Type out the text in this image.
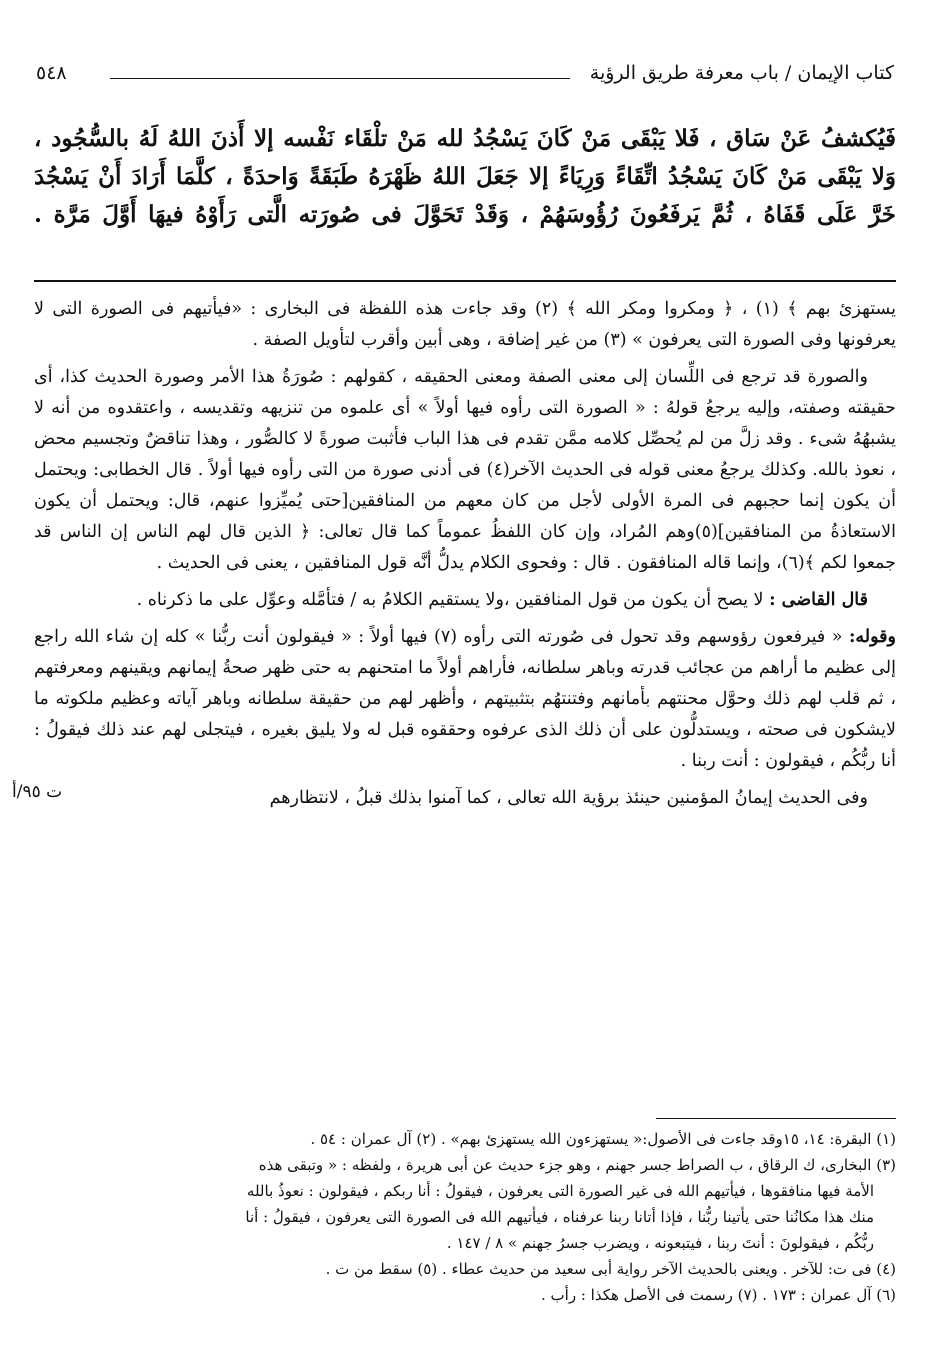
كتاب الإيمان / باب معرفة طريق الرؤية
٥٤٨

فَيُكشفُ عَنْ سَاق ، فَلا يَبْقَى مَنْ كَانَ يَسْجُدُ لله مَنْ تلْقَاء نَفْسه إلا أَذنَ اللهُ لَهُ بالسُّجُود ،

وَلا يَبْقَى مَنْ كَانَ يَسْجُدُ اتِّقَاءً وَرِيَاءً إلا جَعَلَ اللهُ ظَهْرَهُ طَبَقَةً وَاحدَةً ، كلَّمَا أَرَادَ أَنْ يَسْجُدَ

خَرَّ عَلَى قَفَاهُ ، ثُمَّ يَرفَعُونَ رُؤُوسَهُمْ ، وَقَدْ تَحَوَّلَ فى صُورَته الَّتى رَأَوْهُ فيهَا أَوَّلَ مَرَّة .

يستهزئ بهم ﴾ (١) ، ﴿ ومكروا ومكر الله ﴾ (٢) وقد جاءت هذه اللفظة فى البخارى : «فيأتيهم فى الصورة التى لا يعرفونها وفى الصورة التى يعرفون » (٣) من غير إضافة ، وهى أبين وأقرب لتأويل الصفة .

والصورة قد ترجع فى اللِّسان إلى معنى الصفة ومعنى الحقيقه ، كقولهم : صُورَةُ هذا الأمر وصورة الحديث كذا، أى حقيقته وصفته، وإليه يرجعُ قولهُ : « الصورة التى رأوه فيها أولاً » أى علموه من تنزيهه وتقديسه ، واعتقدوه من أنه لا يشبهُهُ شىء . وقد زلَّ من لم يُحصِّل كلامه ممَّن تقدم فى هذا الباب فأثبت صورةً لا كالصُّور ، وهذا تناقضٌ وتجسيم محض ، نعوذ بالله. وكذلك يرجعُ معنى قوله فى الحديث الآخر(٤) فى أدنى صورة من التى رأوه فيها أولاً . قال الخطابى: ويحتمل أن يكون إنما حجبهم فى المرة الأولى لأجل من كان معهم من المنافقين[حتى يُميِّزوا عنهم، قال: ويحتمل أن يكون الاستعاذةُ من المنافقين](٥)وهم المُراد، وإن كان اللفظُ عموماً كما قال تعالى: ﴿ الذين قال لهم الناس إن الناس قد جمعوا لكم ﴾(٦)، وإنما قاله المنافقون . قال : وفحوى الكلام يدلُّ أنَّه قول المنافقين ، يعنى فى الحديث .

قال القاضى : لا يصح أن يكون من قول المنافقين ،ولا يستقيم الكلامُ به / فتأمَّله وعوِّل على ما ذكرناه .

وقوله: « فيرفعون رؤوسهم وقد تحول فى صُورته التى رأوه (٧) فيها أولاً : « فيقولون أنت ربُّنا » كله إن شاء الله راجع إلى عظيم ما أراهم من عجائب قدرته وباهر سلطانه، فأراهم أولاً ما امتحنهم به حتى ظهر صحةُ إيمانهم ويقينهم ومعرفتهم ، ثم قلب لهم ذلك وحوَّل محنتهم بأمانهم وفتنتهُم بتثبيتهم ، وأظهر لهم من حقيقة سلطانه وباهر آياته وعظيم ملكوته ما لايشكون فى صحته ، ويستدلُّون على أن ذلك الذى عرفوه وحققوه قبل له ولا يليق بغيره ، فيتجلى لهم عند ذلك فيقولُ : أنا ربُّكُم ، فيقولون : أنت ربنا .

وفى الحديث إيمانُ المؤمنين حينئذ برؤية الله تعالى ، كما آمنوا بذلك قبلُ ، لانتظارهم

ت ٩٥/أ

(١) البقرة: ١٤، ١٥وقد جاءت فى الأصول:« يستهزءون الله يستهزئ بهم» . (٢) آل عمران : ٥٤ .

(٣) البخارى، ك الرقاق ، ب الصراط جسر جهنم ، وهو جزء حديث عن أبى هريرة ، ولفظه : « وتبقى هذه

الأمة فيها منافقوها ، فيأتيهم الله فى غير الصورة التى يعرفون ، فيقولُ : أنا ربكم ، فيقولون : نعوذُ بالله

منك هذا مكانُنا حتى يأتينا ربُّنا ، فإذا أتانا ربنا عرفناه ، فيأتيهم الله فى الصورة التى يعرفون ، فيقولُ : أنا

ربُّكُم ، فيقولونَ : أنتَ ربنا ، فيتبعونه ، ويضرب جسرُ جهنم » ٨ / ١٤٧ .

(٤) فى ت: للآخر . ويعنى بالحديث الآخر رواية أبى سعيد من حديث عطاء . (٥) سقط من ت .

(٦) آل عمران : ١٧٣ . (٧) رسمت فى الأصل هكذا : رأب .
